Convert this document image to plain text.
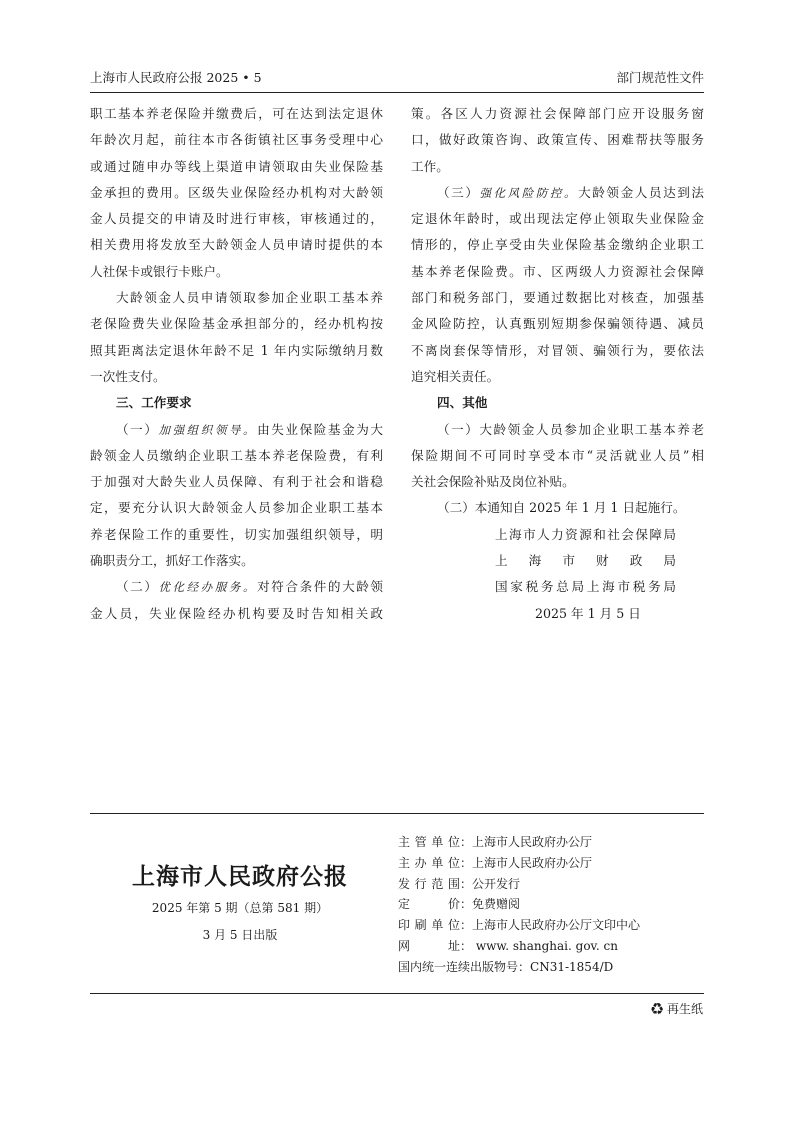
上海市人民政府公报 2025 • 5	部门规范性文件
职工基本养老保险并缴费后，可在达到法定退休
年龄次月起，前往本市各街镇社区事务受理中心
或通过随申办等线上渠道申请领取由失业保险基
金承担的费用。区级失业保险经办机构对大龄领
金人员提交的申请及时进行审核，审核通过的，
相关费用将发放至大龄领金人员申请时提供的本
人社保卡或银行卡账户。
大龄领金人员申请领取参加企业职工基本养
老保险费失业保险基金承担部分的，经办机构按
照其距离法定退休年龄不足 1 年内实际缴纳月数
一次性支付。
三、工作要求
（一）加强组织领导。由失业保险基金为大
龄领金人员缴纳企业职工基本养老保险费，有利
于加强对大龄失业人员保障、有利于社会和谐稳
定，要充分认识大龄领金人员参加企业职工基本
养老保险工作的重要性，切实加强组织领导，明
确职责分工，抓好工作落实。
（二）优化经办服务。对符合条件的大龄领
金人员，失业保险经办机构要及时告知相关政
策。各区人力资源社会保障部门应开设服务窗
口，做好政策咨询、政策宣传、困难帮扶等服务
工作。
（三）强化风险防控。大龄领金人员达到法
定退休年龄时，或出现法定停止领取失业保险金
情形的，停止享受由失业保险基金缴纳企业职工
基本养老保险费。市、区两级人力资源社会保障
部门和税务部门，要通过数据比对核查，加强基
金风险防控，认真甄别短期参保骗领待遇、减员
不离岗套保等情形，对冒领、骗领行为，要依法
追究相关责任。
四、其他
（一）大龄领金人员参加企业职工基本养老
保险期间不可同时享受本市“灵活就业人员”相
关社会保险补贴及岗位补贴。
（二）本通知自 2025 年 1 月 1 日起施行。
上海市人力资源和社会保障局
上海市财政局
国家税务总局上海市税务局
2025 年 1 月 5 日
上海市人民政府公报
2025 年第 5 期（总第 581 期）
3 月 5 日出版
主管单位：上海市人民政府办公厅
主办单位：上海市人民政府办公厅
发行范围：公开发行
定价：免费赠阅
印刷单位：上海市人民政府办公厅文印中心
网址： www. shanghai. gov. cn
国内统一连续出版物号：CN31-1854/D
♻ 再生纸
